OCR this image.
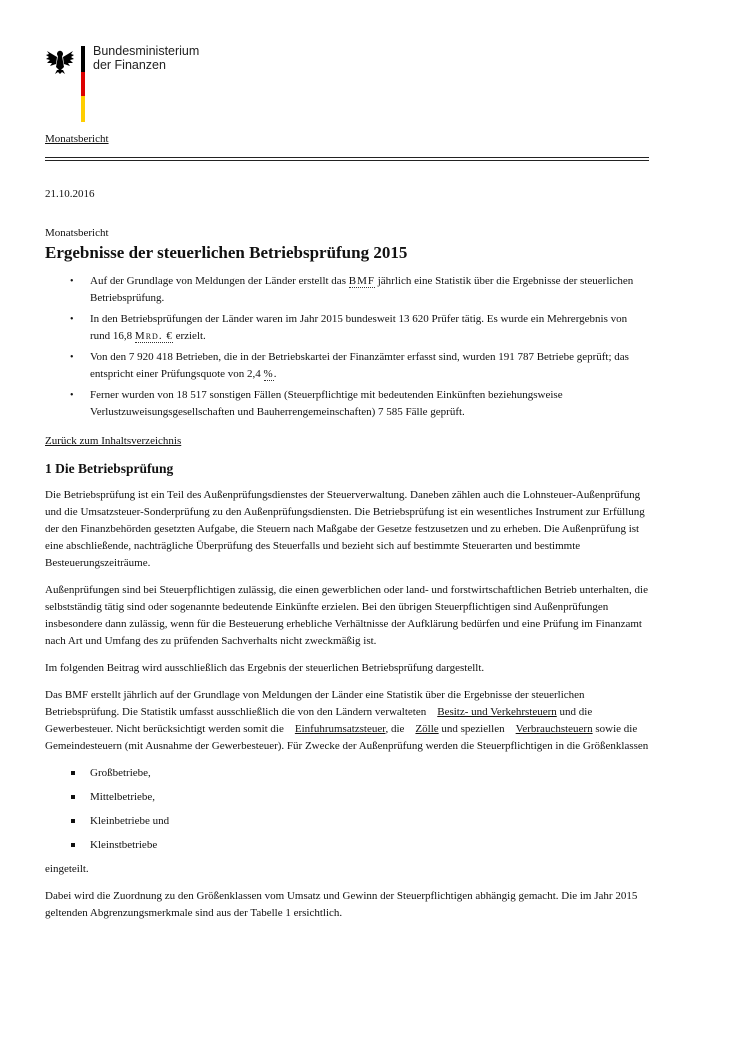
Bundesministerium
der Finanzen
Monatsbericht
21.10.2016
Monatsbericht
Ergebnisse der steuerlichen Betriebsprüfung 2015
• Auf der Grundlage von Meldungen der Länder erstellt das BMF jährlich eine Statistik über die Ergebnisse der steuerlichen Betriebsprüfung.
• In den Betriebsprüfungen der Länder waren im Jahr 2015 bundesweit 13 620 Prüfer tätig. Es wurde ein Mehrergebnis von rund 16,8 Mrd. € erzielt.
• Von den 7 920 418 Betrieben, die in der Betriebskartei der Finanzämter erfasst sind, wurden 191 787 Betriebe geprüft; das entspricht einer Prüfungsquote von 2,4 %.
• Ferner wurden von 18 517 sonstigen Fällen (Steuerpflichtige mit bedeutenden Einkünften beziehungsweise Verlustzuweisungsgesellschaften und Bauherrengemeinschaften) 7 585 Fälle geprüft.
Zurück zum Inhaltsverzeichnis
1 Die Betriebsprüfung

Die Betriebsprüfung ist ein Teil des Außenprüfungsdienstes der Steuerverwaltung. Daneben zählen auch die Lohnsteuer-Außenprüfung und die Umsatzsteuer-Sonderprüfung zu den Außenprüfungsdiensten. Die Betriebsprüfung ist ein wesentliches Instrument zur Erfüllung der den Finanzbehörden gesetzten Aufgabe, die Steuern nach Maßgabe der Gesetze festzusetzen und zu erheben. Die Außenprüfung ist eine abschließende, nachträgliche Überprüfung des Steuerfalls und bezieht sich auf bestimmte Steuerarten und bestimmte Besteuerungszeiträume.

Außenprüfungen sind bei Steuerpflichtigen zulässig, die einen gewerblichen oder land- und forstwirtschaftlichen Betrieb unterhalten, die selbstständig tätig sind oder sogenannte bedeutende Einkünfte erzielen. Bei den übrigen Steuerpflichtigen sind Außenprüfungen insbesondere dann zulässig, wenn für die Besteuerung erhebliche Verhältnisse der Aufklärung bedürfen und eine Prüfung im Finanzamt nach Art und Umfang des zu prüfenden Sachverhalts nicht zweckmäßig ist.

Im folgenden Beitrag wird ausschließlich das Ergebnis der steuerlichen Betriebsprüfung dargestellt.

Das BMF erstellt jährlich auf der Grundlage von Meldungen der Länder eine Statistik über die Ergebnisse der steuerlichen Betriebsprüfung. Die Statistik umfasst ausschließlich die von den Ländern verwalteten    Besitz- und Verkehrsteuern und die Gewerbesteuer. Nicht berücksichtigt werden somit die    Einfuhrumsatzsteuer, die    Zölle und speziellen    Verbrauchsteuern sowie die Gemeindesteuern (mit Ausnahme der Gewerbesteuer). Für Zwecke der Außenprüfung werden die Steuerpflichtigen in die Größenklassen

Großbetriebe,
Mittelbetriebe,
Kleinbetriebe und
Kleinstbetriebe

eingeteilt.

Dabei wird die Zuordnung zu den Größenklassen vom Umsatz und Gewinn der Steuerpflichtigen abhängig gemacht. Die im Jahr 2015 geltenden Abgrenzungsmerkmale sind aus der Tabelle 1 ersichtlich.
